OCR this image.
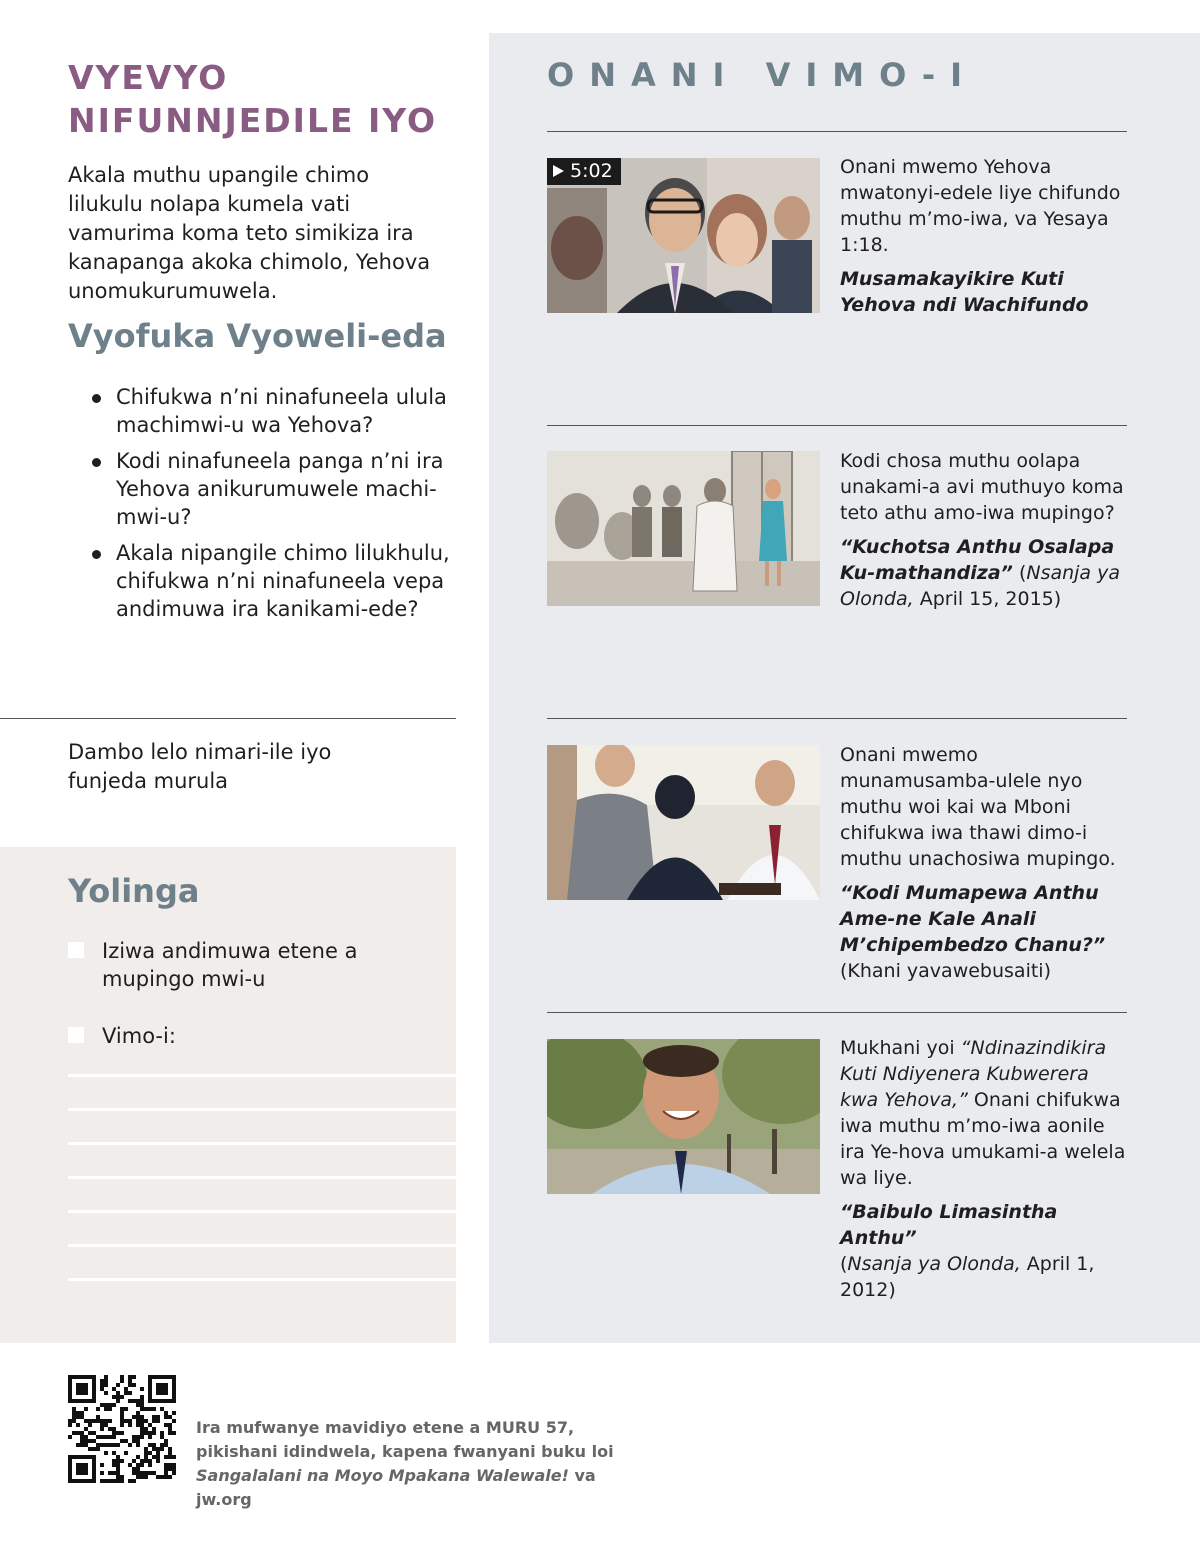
VYEVYO
NIFUNNJEDILE IYO

Akala muthu upangile chimo lilukulu nolapa kumela vati vamurima koma teto simikiza ira kanapanga akoka chimolo, Yehova unomukurumuwela.

Vyofuka Vyoweli-eda
Chifukwa n’ni ninafuneela ulula machimwi-u wa Yehova?
Kodi ninafuneela panga n’ni ira Yehova anikurumuwele machi-mwi-u?
Akala nipangile chimo lilukhulu, chifukwa n’ni ninafuneela vepa andimuwa ira kanikami-ede?

Dambo lelo nimari-ile iyo funjeda murula

Yolinga
Iziwa andimuwa etene a mupingo mwi-u
Vimo-i:
ONANI VIMO-I
5:02	Onani mwemo Yehova mwatonyi-edele liye chifundo muthu m’mo-iwa, va Yesaya 1:18.

Musamakayikire Kuti Yehova ndi Wachifundo

Kodi chosa muthu oolapa unakami-a avi muthuyo koma teto athu amo-iwa mupingo?

“Kuchotsa Anthu Osalapa Ku-mathandiza” (Nsanja ya Olonda, April 15, 2015)

Onani mwemo munamusamba-ulele nyo muthu woi kai wa Mboni chifukwa iwa thawi dimo-i muthu unachosiwa mupingo.

“Kodi Mumapewa Anthu Ame-ne Kale Anali M’chipembedzo Chanu?” (Khani yavawebusaiti)

Mukhani yoi “Ndinazindikira Kuti Ndiyenera Kubwerera kwa Yehova,” Onani chifukwa iwa muthu m’mo-iwa aonile ira Ye-hova umukami-a welela wa liye.

“Baibulo Limasintha Anthu”
(Nsanja ya Olonda, April 1, 2012)

Ira mufwanye mavidiyo etene a MURU 57,
pikishani idindwela, kapena fwanyani buku loi
Sangalalani na Moyo Mpakana Walewale! va jw.org
